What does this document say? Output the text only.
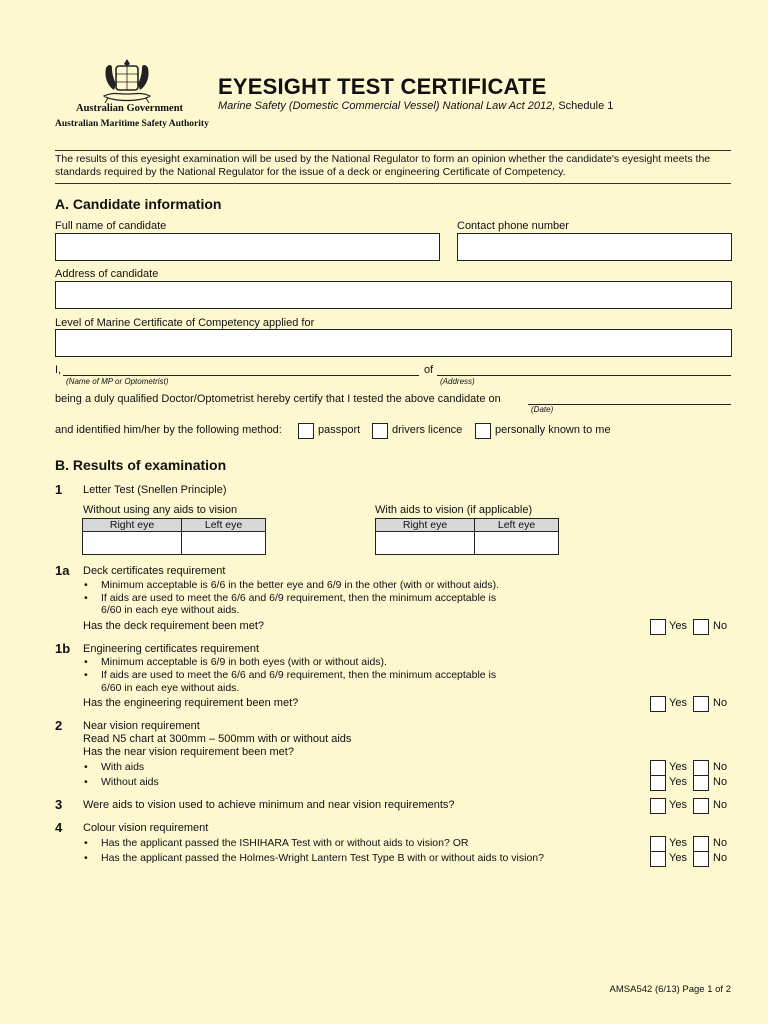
Australian Government
Australian Maritime Safety Authority
EYESIGHT TEST CERTIFICATE
Marine Safety (Domestic Commercial Vessel) National Law Act 2012, Schedule 1
The results of this eyesight examination will be used by the National Regulator to form an opinion whether the candidate's eyesight meets the standards required by the National Regulator for the issue of a deck or engineering Certificate of Competency.
A. Candidate information
Full name of candidate	Contact phone number
Address of candidate
Level of Marine Certificate of Competency applied for
I,
(Name of MP or Optometrist)
of
(Address)
being a duly qualified Doctor/Optometrist hereby certify that I tested the above candidate on
(Date)
and identified him/her by the following method:	passport	drivers licence	personally known to me
B. Results of examination
1 Letter Test (Snellen Principle)
Without using any aids to vision	With aids to vision (if applicable)
Right eye	Left eye
		Right eye	Left eye

1a Deck certificates requirement
• Minimum acceptable is 6/6 in the better eye and 6/9 in the other (with or without aids).
• If aids are used to meet the 6/6 and 6/9 requirement, then the minimum acceptable is
6/60 in each eye without aids.
Has the deck requirement been met?	Yes No
1b Engineering certificates requirement
• Minimum acceptable is 6/9 in both eyes (with or without aids).
• If aids are used to meet the 6/6 and 6/9 requirement, then the minimum acceptable is
6/60 in each eye without aids.
Has the engineering requirement been met?	Yes No
2 Near vision requirement
Read N5 chart at 300mm – 500mm with or without aids
Has the near vision requirement been met?
• With aids	Yes No
• Without aids	Yes No
3 Were aids to vision used to achieve minimum and near vision requirements?	Yes No
4 Colour vision requirement
• Has the applicant passed the ISHIHARA Test with or without aids to vision? OR	Yes No
• Has the applicant passed the Holmes-Wright Lantern Test Type B with or without aids to vision?	Yes No
AMSA542 (6/13) Page 1 of 2
